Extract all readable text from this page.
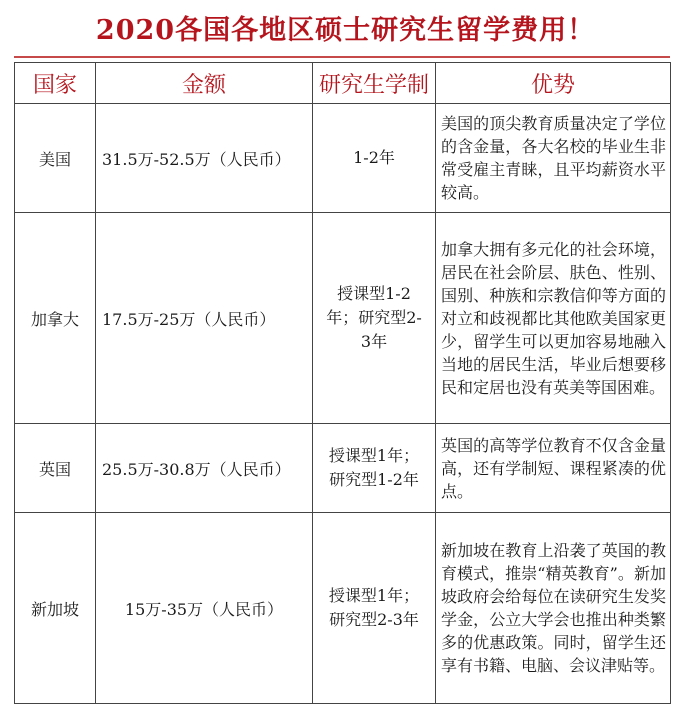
2020各国各地区硕士研究生留学费用！
国家	金额	研究生学制	优势
美国	31.5万-52.5万（人民币）	1-2年	美国的顶尖教育质量决定了学位的含金量，各大名校的毕业生非常受雇主青睐，且平均薪资水平较高。
加拿大	17.5万-25万（人民币）	授课型1-2年；研究型2-3年	加拿大拥有多元化的社会环境，居民在社会阶层、肤色、性别、国别、种族和宗教信仰等方面的对立和歧视都比其他欧美国家更少，留学生可以更加容易地融入当地的居民生活，毕业后想要移民和定居也没有英美等国困难。
英国	25.5万-30.8万（人民币）	授课型1年；研究型1-2年	英国的高等学位教育不仅含金量高，还有学制短、课程紧凑的优点。
新加坡	15万-35万（人民币）	授课型1年；研究型2-3年	新加坡在教育上沿袭了英国的教育模式，推崇“精英教育”。新加坡政府会给每位在读研究生发奖学金，公立大学会也推出种类繁多的优惠政策。同时，留学生还享有书籍、电脑、会议津贴等。
